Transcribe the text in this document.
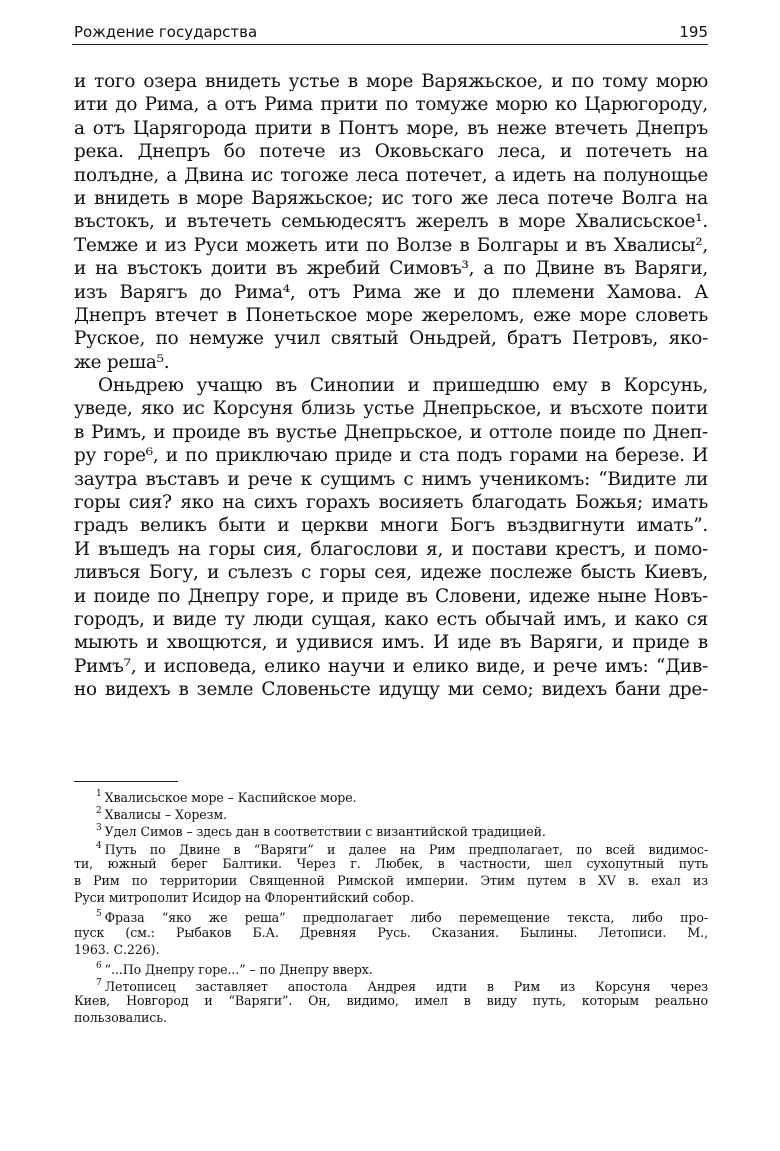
Рождение государства	195
и того озера внидеть устье в море Варяжьское, и по тому морю
ити до Рима, а отъ Рима прити по томуже морю ко Царюгороду,
а отъ Царягорода прити в Понтъ море, въ неже втечеть Днепръ
река. Днепръ бо потече из Оковьскаго леса, и потечеть на
полъдне, а Двина ис тогоже леса потечет, а идеть на полунощье
и внидеть в море Варяжьское; ис того же леса потече Волга на
въстокъ, и вътечеть семьюдесятъ жерелъ в море Хвалисьское¹.
Темже и из Руси можеть ити по Волзе в Болгары и въ Хвалисы²,
и на въстокъ доити въ жребий Симовъ³, а по Двине въ Варяги,
изъ Варягъ до Рима⁴, отъ Рима же и до племени Хамова. А
Днепръ втечет в Понетьское море жереломъ, еже море словеть
Руское, по немуже учил святый Оньдрей, братъ Петровъ, яко-
же реша⁵.
Оньдрею учащю въ Синопии и пришедшю ему в Корсунь,
уведе, яко ис Корсуня близь устье Днепрьское, и въсхоте поити
в Римъ, и проиде въ вустье Днепрьское, и оттоле поиде по Днеп-
ру горе⁶, и по приключаю приде и ста подъ горами на березе. И
заутра въставъ и рече к сущимъ с нимъ ученикомъ: “Видите ли
горы сия? яко на сихъ горахъ восияеть благодать Божья; имать
градъ великъ быти и церкви многи Богъ въздвигнути имать”.
И въшедъ на горы сия, благослови я, и постави крестъ, и помо-
ливъся Богу, и сълезъ с горы сея, идеже послеже бысть Киевъ,
и поиде по Днепру горе, и приде въ Словени, идеже ныне Новъ-
городъ, и виде ту люди сущая, како есть обычай имъ, и како ся
мыють и хвощются, и удивися имъ. И иде въ Варяги, и приде в
Римъ⁷, и исповеда, елико научи и елико виде, и рече имъ: “Див-
но видехъ в земле Словеньсте идущу ми семо; видехъ бани дре-
$^1$ Хвалисьское море – Каспийское море.
$^2$ Хвалисы – Хорезм.
$^3$ Удел Симов – здесь дан в соответствии с византийской традицией.
$^4$ Путь по Двине в “Варяги” и далее на Рим предполагает, по всей видимос-
ти, южный берег Балтики. Через г. Любек, в частности, шел сухопутный путь
в Рим по территории Священной Римской империи. Этим путем в XV в. ехал из
Руси митрополит Исидор на Флорентийский собор.
$^5$ Фраза “яко же реша” предполагает либо перемещение текста, либо про-
пуск (см.: Рыбаков Б.А. Древняя Русь. Сказания. Былины. Летописи. М.,
1963. С.226).
$^6$ “...По Днепру горе...” – по Днепру вверх.
$^7$ Летописец заставляет апостола Андрея идти в Рим из Корсуня через
Киев, Новгород и “Варяги”. Он, видимо, имел в виду путь, которым реально
пользовались.
